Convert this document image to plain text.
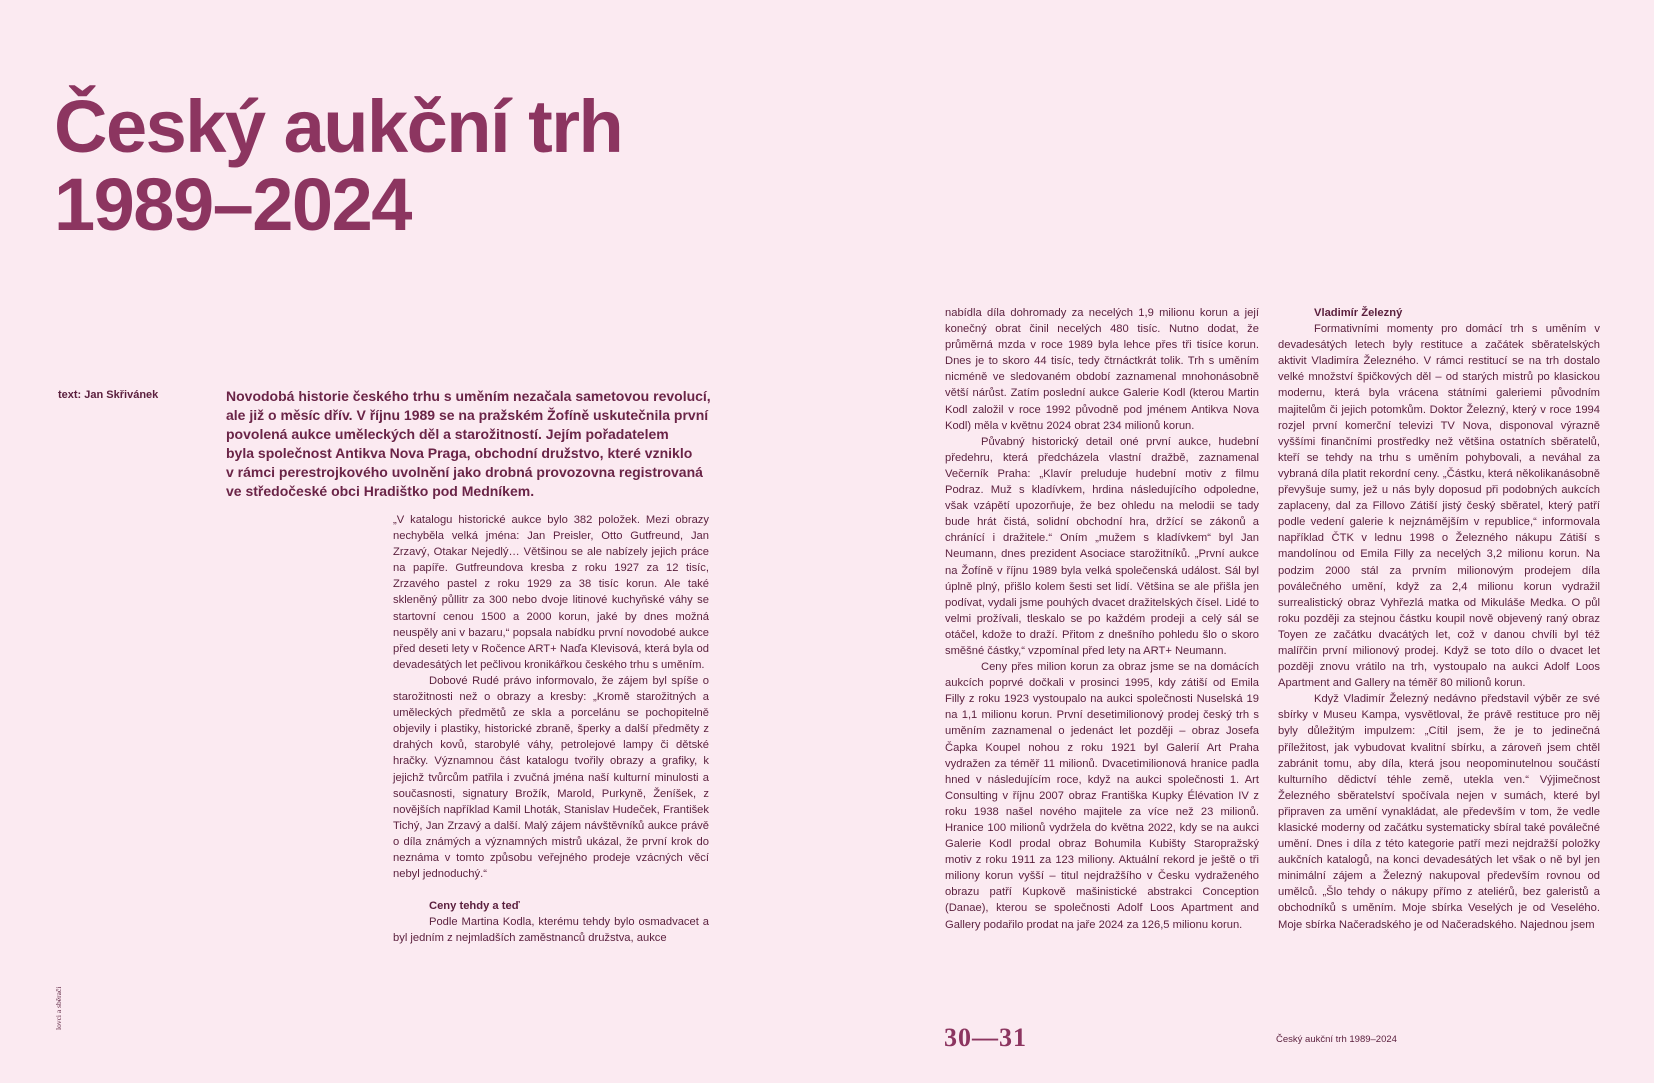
Český aukční trh
1989–2024
text: Jan Skřivánek	Novodobá historie českého trhu s uměním nezačala sametovou revolucí,
ale již o měsíc dřív. V říjnu 1989 se na pražském Žofíně uskutečnila první
povolená aukce uměleckých děl a starožitností. Jejím pořadatelem
byla společnost Antikva Nova Praga, obchodní družstvo, které vzniklo
v rámci perestrojkového uvolnění jako drobná provozovna registrovaná
ve středočeské obci Hradištko pod Medníkem.

„V katalogu historické aukce bylo 382 položek. Mezi obrazy nechyběla velká jména: Jan Preisler, Otto Gutfreund, Jan Zrzavý, Otakar Nejedlý… Většinou se ale nabízely jejich práce na papíře. Gutfreundova kresba z roku 1927 za 12 tisíc, Zrzavého pastel z roku 1929 za 38 tisíc korun. Ale také skleněný půllitr za 300 nebo dvoje litinové kuchyňské váhy se startovní cenou 1500 a 2000 korun, jaké by dnes možná neuspěly ani v bazaru,“ popsala nabídku první novodobé aukce před deseti lety v Ročence ART+ Naďa Klevisová, která byla od devadesátých let pečlivou kronikářkou českého trhu s uměním.

Dobové Rudé právo informovalo, že zájem byl spíše o starožitnosti než o obrazy a kresby: „Kromě starožitných a uměleckých předmětů ze skla a porcelánu se pochopitelně objevily i plastiky, historické zbraně, šperky a další předměty z drahých kovů, starobylé váhy, petrolejové lampy či dětské hračky. Významnou část katalogu tvořily obrazy a grafiky, k jejichž tvůrcům patřila i zvučná jména naší kulturní minulosti a současnosti, signatury Brožík, Marold, Purkyně, Ženíšek, z novějších například Kamil Lhoták, Stanislav Hudeček, František Tichý, Jan Zrzavý a další. Malý zájem návštěvníků aukce právě o díla známých a významných mistrů ukázal, že první krok do neznáma v tomto způsobu veřejného prodeje vzácných věcí nebyl jednoduchý.“

Ceny tehdy a teď

Podle Martina Kodla, kterému tehdy bylo osmadvacet a byl jedním z nejmladších zaměstnanců družstva, aukce

nabídla díla dohromady za necelých 1,9 milionu korun a její konečný obrat činil necelých 480 tisíc. Nutno dodat, že průměrná mzda v roce 1989 byla lehce přes tři tisíce korun. Dnes je to skoro 44 tisíc, tedy čtrnáctkrát tolik. Trh s uměním nicméně ve sledovaném období zaznamenal mnohonásobně větší nárůst. Zatím poslední aukce Galerie Kodl (kterou Martin Kodl založil v roce 1992 původně pod jménem Antikva Nova Kodl) měla v květnu 2024 obrat 234 milionů korun.

Půvabný historický detail oné první aukce, hudební předehru, která předcházela vlastní dražbě, zaznamenal Večerník Praha: „Klavír preluduje hudební motiv z filmu Podraz. Muž s kladívkem, hrdina následujícího odpoledne, však vzápětí upozorňuje, že bez ohledu na melodii se tady bude hrát čistá, solidní obchodní hra, držící se zákonů a chránící i dražitele.“ Oním „mužem s kladívkem“ byl Jan Neumann, dnes prezident Asociace starožitníků. „První aukce na Žofíně v říjnu 1989 byla velká společenská událost. Sál byl úplně plný, přišlo kolem šesti set lidí. Většina se ale přišla jen podívat, vydali jsme pouhých dvacet dražitelských čísel. Lidé to velmi prožívali, tleskalo se po každém prodeji a celý sál se otáčel, kdože to draží. Přitom z dnešního pohledu šlo o skoro směšné částky,“ vzpomínal před lety na ART+ Neumann.

Ceny přes milion korun za obraz jsme se na domácích aukcích poprvé dočkali v prosinci 1995, kdy zátiší od Emila Filly z roku 1923 vystoupalo na aukci společnosti Nuselská 19 na 1,1 milionu korun. První desetimilionový prodej český trh s uměním zaznamenal o jedenáct let později – obraz Josefa Čapka Koupel nohou z roku 1921 byl Galerií Art Praha vydražen za téměř 11 milionů. Dvacetimilionová hranice padla hned v následujícím roce, když na aukci společnosti 1. Art Consulting v říjnu 2007 obraz Františka Kupky Élévation IV z roku 1938 našel nového majitele za více než 23 milionů. Hranice 100 milionů vydržela do května 2022, kdy se na aukci Galerie Kodl prodal obraz Bohumila Kubišty Staropražský motiv z roku 1911 za 123 miliony. Aktuální rekord je ještě o tři miliony korun vyšší – titul nejdražšího v Česku vydraženého obrazu patří Kupkově mašinistické abstrakci Conception (Danae), kterou se společnosti Adolf Loos Apartment and Gallery podařilo prodat na jaře 2024 za 126,5 milionu korun.

Vladimír Železný

Formativními momenty pro domácí trh s uměním v devadesátých letech byly restituce a začátek sběratelských aktivit Vladimíra Železného. V rámci restitucí se na trh dostalo velké množství špičkových děl – od starých mistrů po klasickou modernu, která byla vrácena státními galeriemi původním majitelům či jejich potomkům. Doktor Železný, který v roce 1994 rozjel první komerční televizi TV Nova, disponoval výrazně vyššími finančními prostředky než většina ostatních sběratelů, kteří se tehdy na trhu s uměním pohybovali, a neváhal za vybraná díla platit rekordní ceny. „Částku, která několikanásobně převyšuje sumy, jež u nás byly doposud při podobných aukcích zaplaceny, dal za Fillovo Zátiší jistý český sběratel, který patří podle vedení galerie k nejznámějším v republice,“ informovala například ČTK v lednu 1998 o Železného nákupu Zátiší s mandolínou od Emila Filly za necelých 3,2 milionu korun. Na podzim 2000 stál za prvním milionovým prodejem díla poválečného umění, když za 2,4 milionu korun vydražil surrealistický obraz Vyhřezlá matka od Mikuláše Medka. O půl roku později za stejnou částku koupil nově objevený raný obraz Toyen ze začátku dvacátých let, což v danou chvíli byl též malířčin první milionový prodej. Když se toto dílo o dvacet let později znovu vrátilo na trh, vystoupalo na aukci Adolf Loos Apartment and Gallery na téměř 80 milionů korun.

Když Vladimír Železný nedávno představil výběr ze své sbírky v Museu Kampa, vysvětloval, že právě restituce pro něj byly důležitým impulzem: „Cítil jsem, že je to jedinečná příležitost, jak vybudovat kvalitní sbírku, a zároveň jsem chtěl zabránit tomu, aby díla, která jsou neopominutelnou součástí kulturního dědictví téhle země, utekla ven.“ Výjimečnost Železného sběratelství spočívala nejen v sumách, které byl připraven za umění vynakládat, ale především v tom, že vedle klasické moderny od začátku systematicky sbíral také poválečné umění. Dnes i díla z této kategorie patří mezi nejdražší položky aukčních katalogů, na konci devadesátých let však o ně byl jen minimální zájem a Železný nakupoval především rovnou od umělců. „Šlo tehdy o nákupy přímo z ateliérů, bez galeristů a obchodníků s uměním. Moje sbírka Veselých je od Veselého. Moje sbírka Načeradského je od Načeradského. Najednou jsem

30—31	Český aukční trh 1989–2024
lovci a sběrači
